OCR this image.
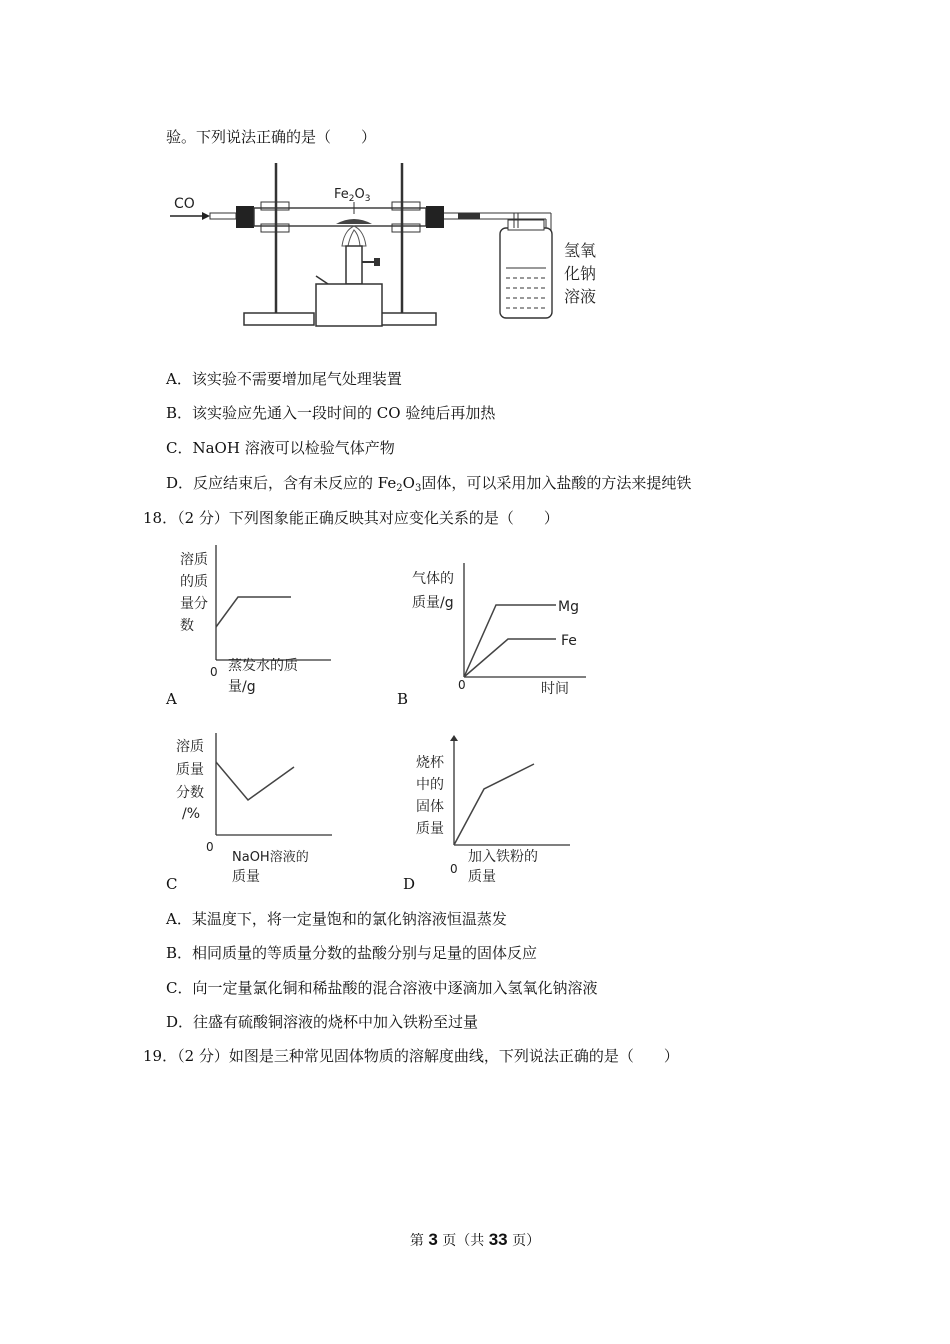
验。下列说法正确的是（　　）
CO
$Fe_2O_3$
氢氧
化钠
溶液
A．该实验不需要增加尾气处理装置
B．该实验应先通入一段时间的 CO 验纯后再加热
C．NaOH 溶液可以检验气体产物
D．反应结束后，含有未反应的 $Fe_2O_3$固体，可以采用加入盐酸的方法来提纯铁
18．（2 分）下列图象能正确反映其对应变化关系的是（　　）
溶质
的质
量分
数
0 蒸发水的质
量/g
A
气体的
质量/g	Mg
Fe
0	时间
B
溶质
质量
分数
/%
0
NaOH溶液的
质量
C
烧杯
中的
固体
质量
0
加入铁粉的
质量
D
A．某温度下，将一定量饱和的氯化钠溶液恒温蒸发
B．相同质量的等质量分数的盐酸分别与足量的固体反应
C．向一定量氯化铜和稀盐酸的混合溶液中逐滴加入氢氧化钠溶液
D．往盛有硫酸铜溶液的烧杯中加入铁粉至过量
19．（2 分）如图是三种常见固体物质的溶解度曲线，下列说法正确的是（　　）
第 3 页（共 33 页）
